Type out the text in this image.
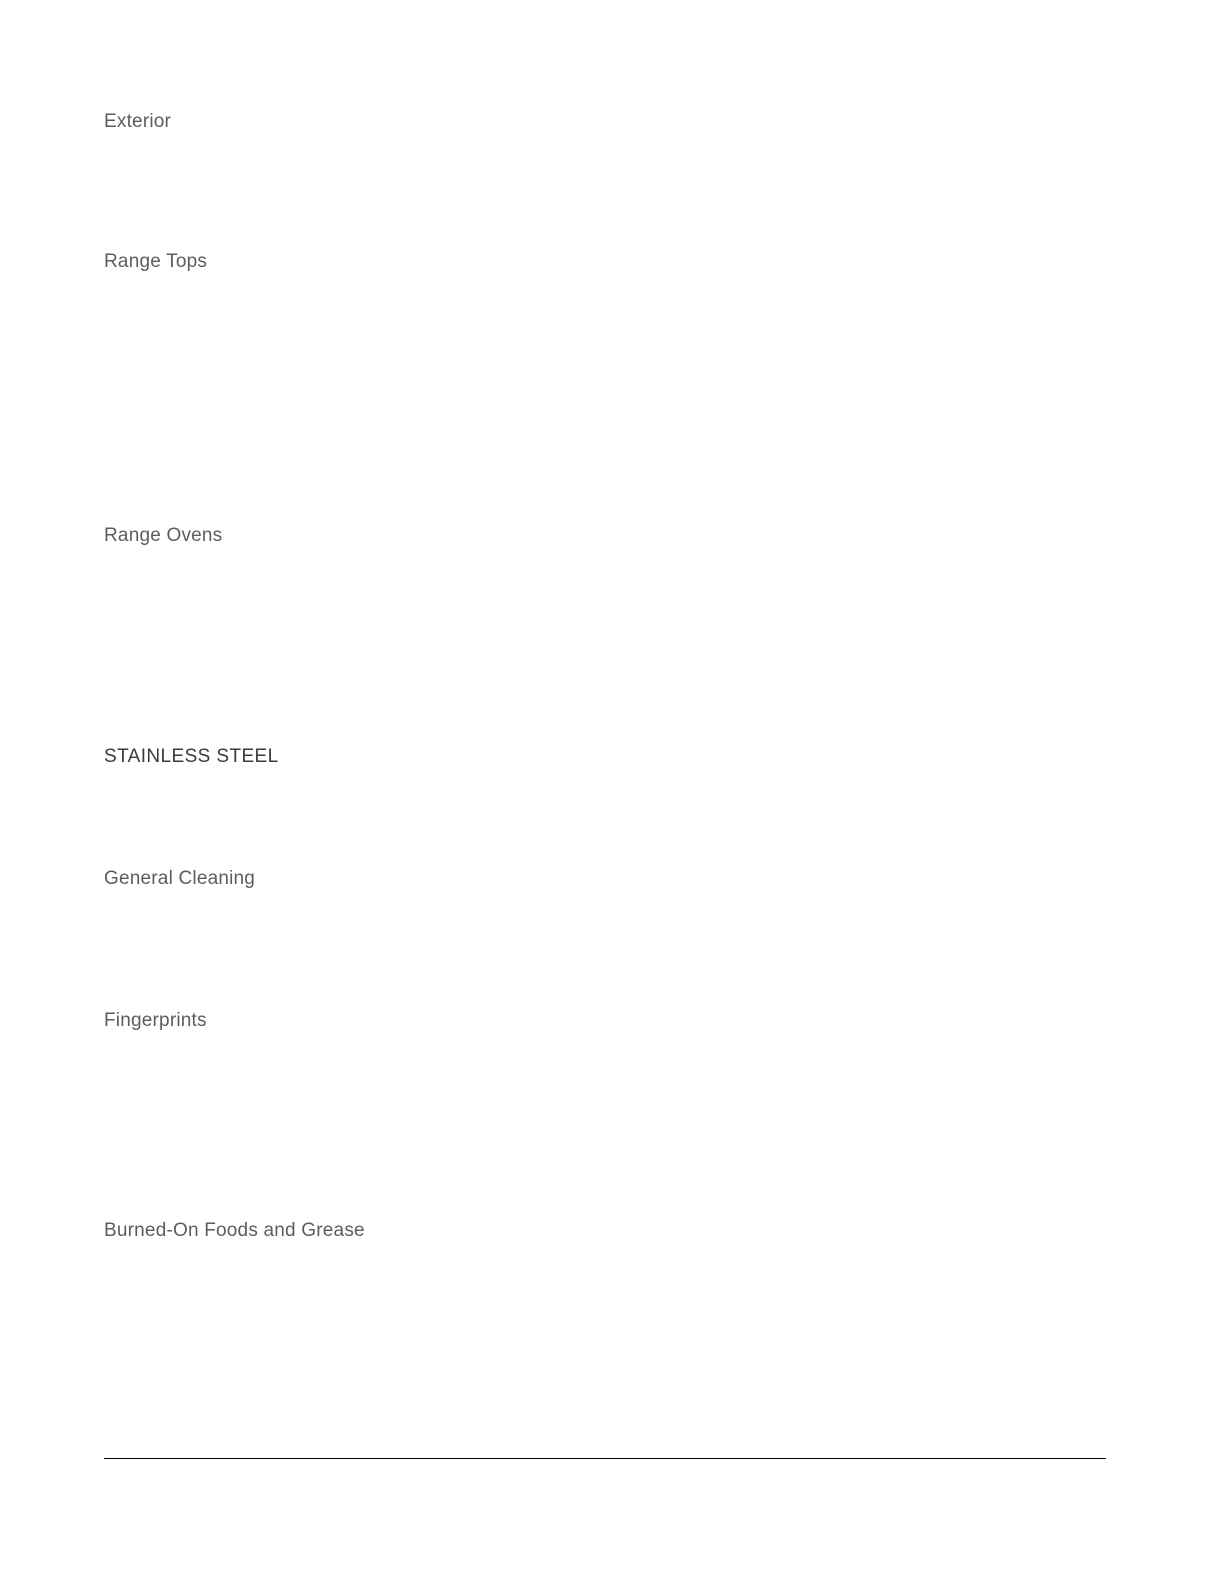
Exterior
Range Tops
Range Ovens
STAINLESS STEEL
General Cleaning
Fingerprints
Burned-On Foods and Grease
